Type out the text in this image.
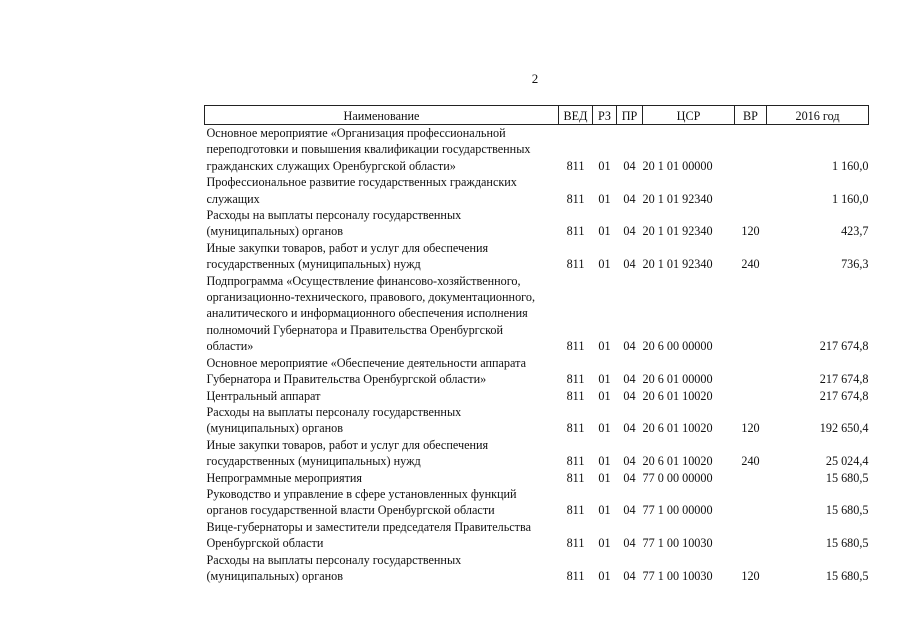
2
Наименование	ВЕД	РЗ	ПР	ЦСР	ВР	2016 год
Основное мероприятие «Организация профессиональной переподготовки и повышения квалификации государственных гражданских служащих Оренбургской области»	811	01	04	20 1 01 00000		1 160,0
Профессиональное развитие государственных гражданских служащих	811	01	04	20 1 01 92340		1 160,0
Расходы на выплаты персоналу государственных (муниципальных) органов	811	01	04	20 1 01 92340	120	423,7
Иные закупки товаров, работ и услуг для обеспечения государственных (муниципальных) нужд	811	01	04	20 1 01 92340	240	736,3
Подпрограмма «Осуществление финансово-хозяйственного, организационно-технического, правового, документационного, аналитического и информационного обеспечения исполнения полномочий Губернатора и Правительства Оренбургской области»	811	01	04	20 6 00 00000		217 674,8
Основное мероприятие «Обеспечение деятельности аппарата Губернатора и Правительства Оренбургской области»	811	01	04	20 6 01 00000		217 674,8
Центральный аппарат	811	01	04	20 6 01 10020		217 674,8
Расходы на выплаты персоналу государственных (муниципальных) органов	811	01	04	20 6 01 10020	120	192 650,4
Иные закупки товаров, работ и услуг для обеспечения государственных (муниципальных) нужд	811	01	04	20 6 01 10020	240	25 024,4
Непрограммные мероприятия	811	01	04	77 0 00 00000		15 680,5
Руководство и управление в сфере установленных функций органов государственной власти Оренбургской области	811	01	04	77 1 00 00000		15 680,5
Вице-губернаторы и заместители председателя Правительства Оренбургской области	811	01	04	77 1 00 10030		15 680,5
Расходы на выплаты персоналу государственных (муниципальных) органов	811	01	04	77 1 00 10030	120	15 680,5
